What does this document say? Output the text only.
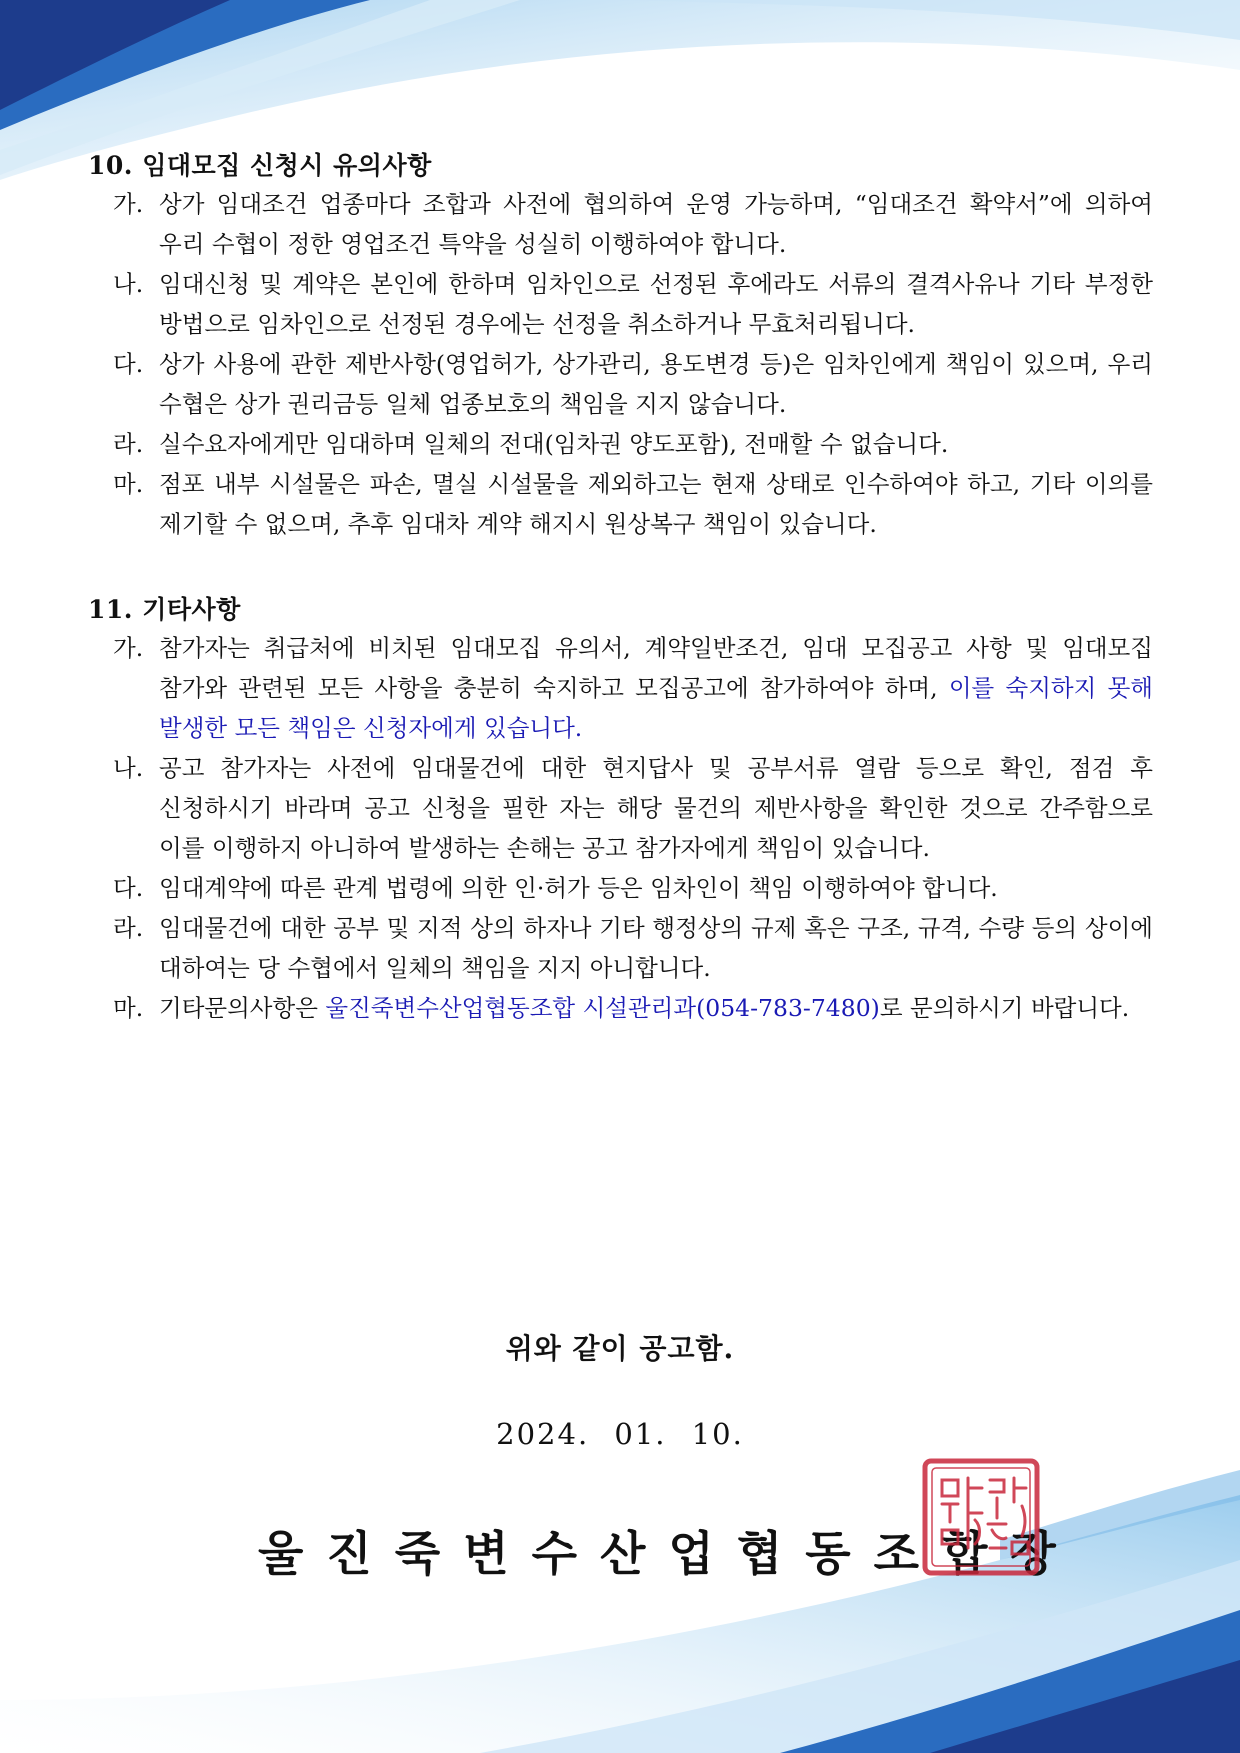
10. 임대모집 신청시 유의사항
가. 상가 임대조건 업종마다 조합과 사전에 협의하여 운영 가능하며, “임대조건 확약서”에 의하여 우리 수협이 정한 영업조건 특약을 성실히 이행하여야 합니다.
나. 임대신청 및 계약은 본인에 한하며 임차인으로 선정된 후에라도 서류의 결격사유나 기타 부정한 방법으로 임차인으로 선정된 경우에는 선정을 취소하거나 무효처리됩니다.
다. 상가 사용에 관한 제반사항(영업허가, 상가관리, 용도변경 등)은 임차인에게 책임이 있으며, 우리 수협은 상가 권리금등 일체 업종보호의 책임을 지지 않습니다.
라. 실수요자에게만 임대하며 일체의 전대(임차권 양도포함), 전매할 수 없습니다.
마. 점포 내부 시설물은 파손, 멸실 시설물을 제외하고는 현재 상태로 인수하여야 하고, 기타 이의를 제기할 수 없으며, 추후 임대차 계약 해지시 원상복구 책임이 있습니다.
11. 기타사항
가. 참가자는 취급처에 비치된 임대모집 유의서, 계약일반조건, 임대 모집공고 사항 및 임대모집 참가와 관련된 모든 사항을 충분히 숙지하고 모집공고에 참가하여야 하며, 이를 숙지하지 못해 발생한 모든 책임은 신청자에게 있습니다.
나. 공고 참가자는 사전에 임대물건에 대한 현지답사 및 공부서류 열람 등으로 확인, 점검 후 신청하시기 바라며 공고 신청을 필한 자는 해당 물건의 제반사항을 확인한 것으로 간주함으로 이를 이행하지 아니하여 발생하는 손해는 공고 참가자에게 책임이 있습니다.
다. 임대계약에 따른 관계 법령에 의한 인·허가 등은 임차인이 책임 이행하여야 합니다.
라. 임대물건에 대한 공부 및 지적 상의 하자나 기타 행정상의 규제 혹은 구조, 규격, 수량 등의 상이에 대하여는 당 수협에서 일체의 책임을 지지 아니합니다.
마. 기타문의사항은 울진죽변수산업협동조합 시설관리과(054-783-7480)로 문의하시기 바랍니다.
위와 같이 공고함.
2024. 01. 10.
울진죽변수산업협동조합장
